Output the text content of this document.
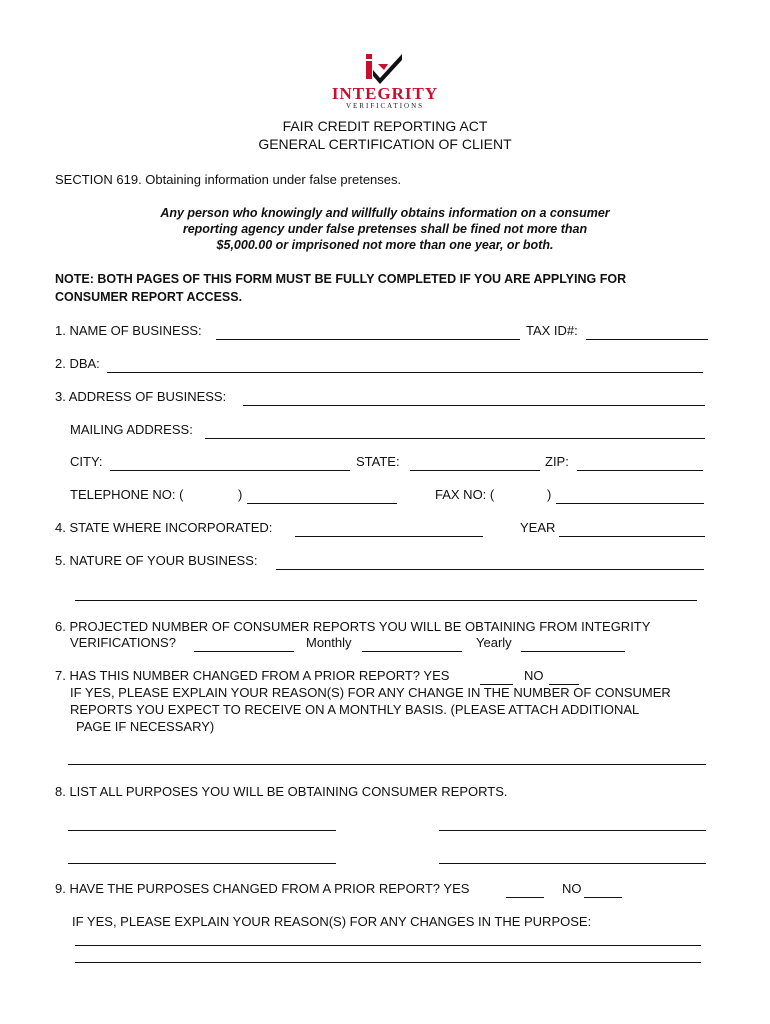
INTEGRITY
VERIFICATIONS
FAIR CREDIT REPORTING ACT
GENERAL CERTIFICATION OF CLIENT
SECTION 619. Obtaining information under false pretenses.
Any person who knowingly and willfully obtains information on a consumer
reporting agency under false pretenses shall be fined not more than
$5,000.00 or imprisoned not more than one year, or both.
NOTE: BOTH PAGES OF THIS FORM MUST BE FULLY COMPLETED IF YOU ARE APPLYING FOR
CONSUMER REPORT ACCESS.
1. NAME OF BUSINESS:	TAX ID#:
2. DBA:
3. ADDRESS OF BUSINESS:
MAILING ADDRESS:
CITY:	STATE:	ZIP:
TELEPHONE NO: (	)	FAX NO: (	)
4. STATE WHERE INCORPORATED:	YEAR
5. NATURE OF YOUR BUSINESS:
6. PROJECTED NUMBER OF CONSUMER REPORTS YOU WILL BE OBTAINING FROM INTEGRITY
VERIFICATIONS?	Monthly	Yearly
7. HAS THIS NUMBER CHANGED FROM A PRIOR REPORT? YES	NO
IF YES, PLEASE EXPLAIN YOUR REASON(S) FOR ANY CHANGE IN THE NUMBER OF CONSUMER
REPORTS YOU EXPECT TO RECEIVE ON A MONTHLY BASIS. (PLEASE ATTACH ADDITIONAL
PAGE IF NECESSARY)
8. LIST ALL PURPOSES YOU WILL BE OBTAINING CONSUMER REPORTS.
9. HAVE THE PURPOSES CHANGED FROM A PRIOR REPORT? YES	NO
IF YES, PLEASE EXPLAIN YOUR REASON(S) FOR ANY CHANGES IN THE PURPOSE:
